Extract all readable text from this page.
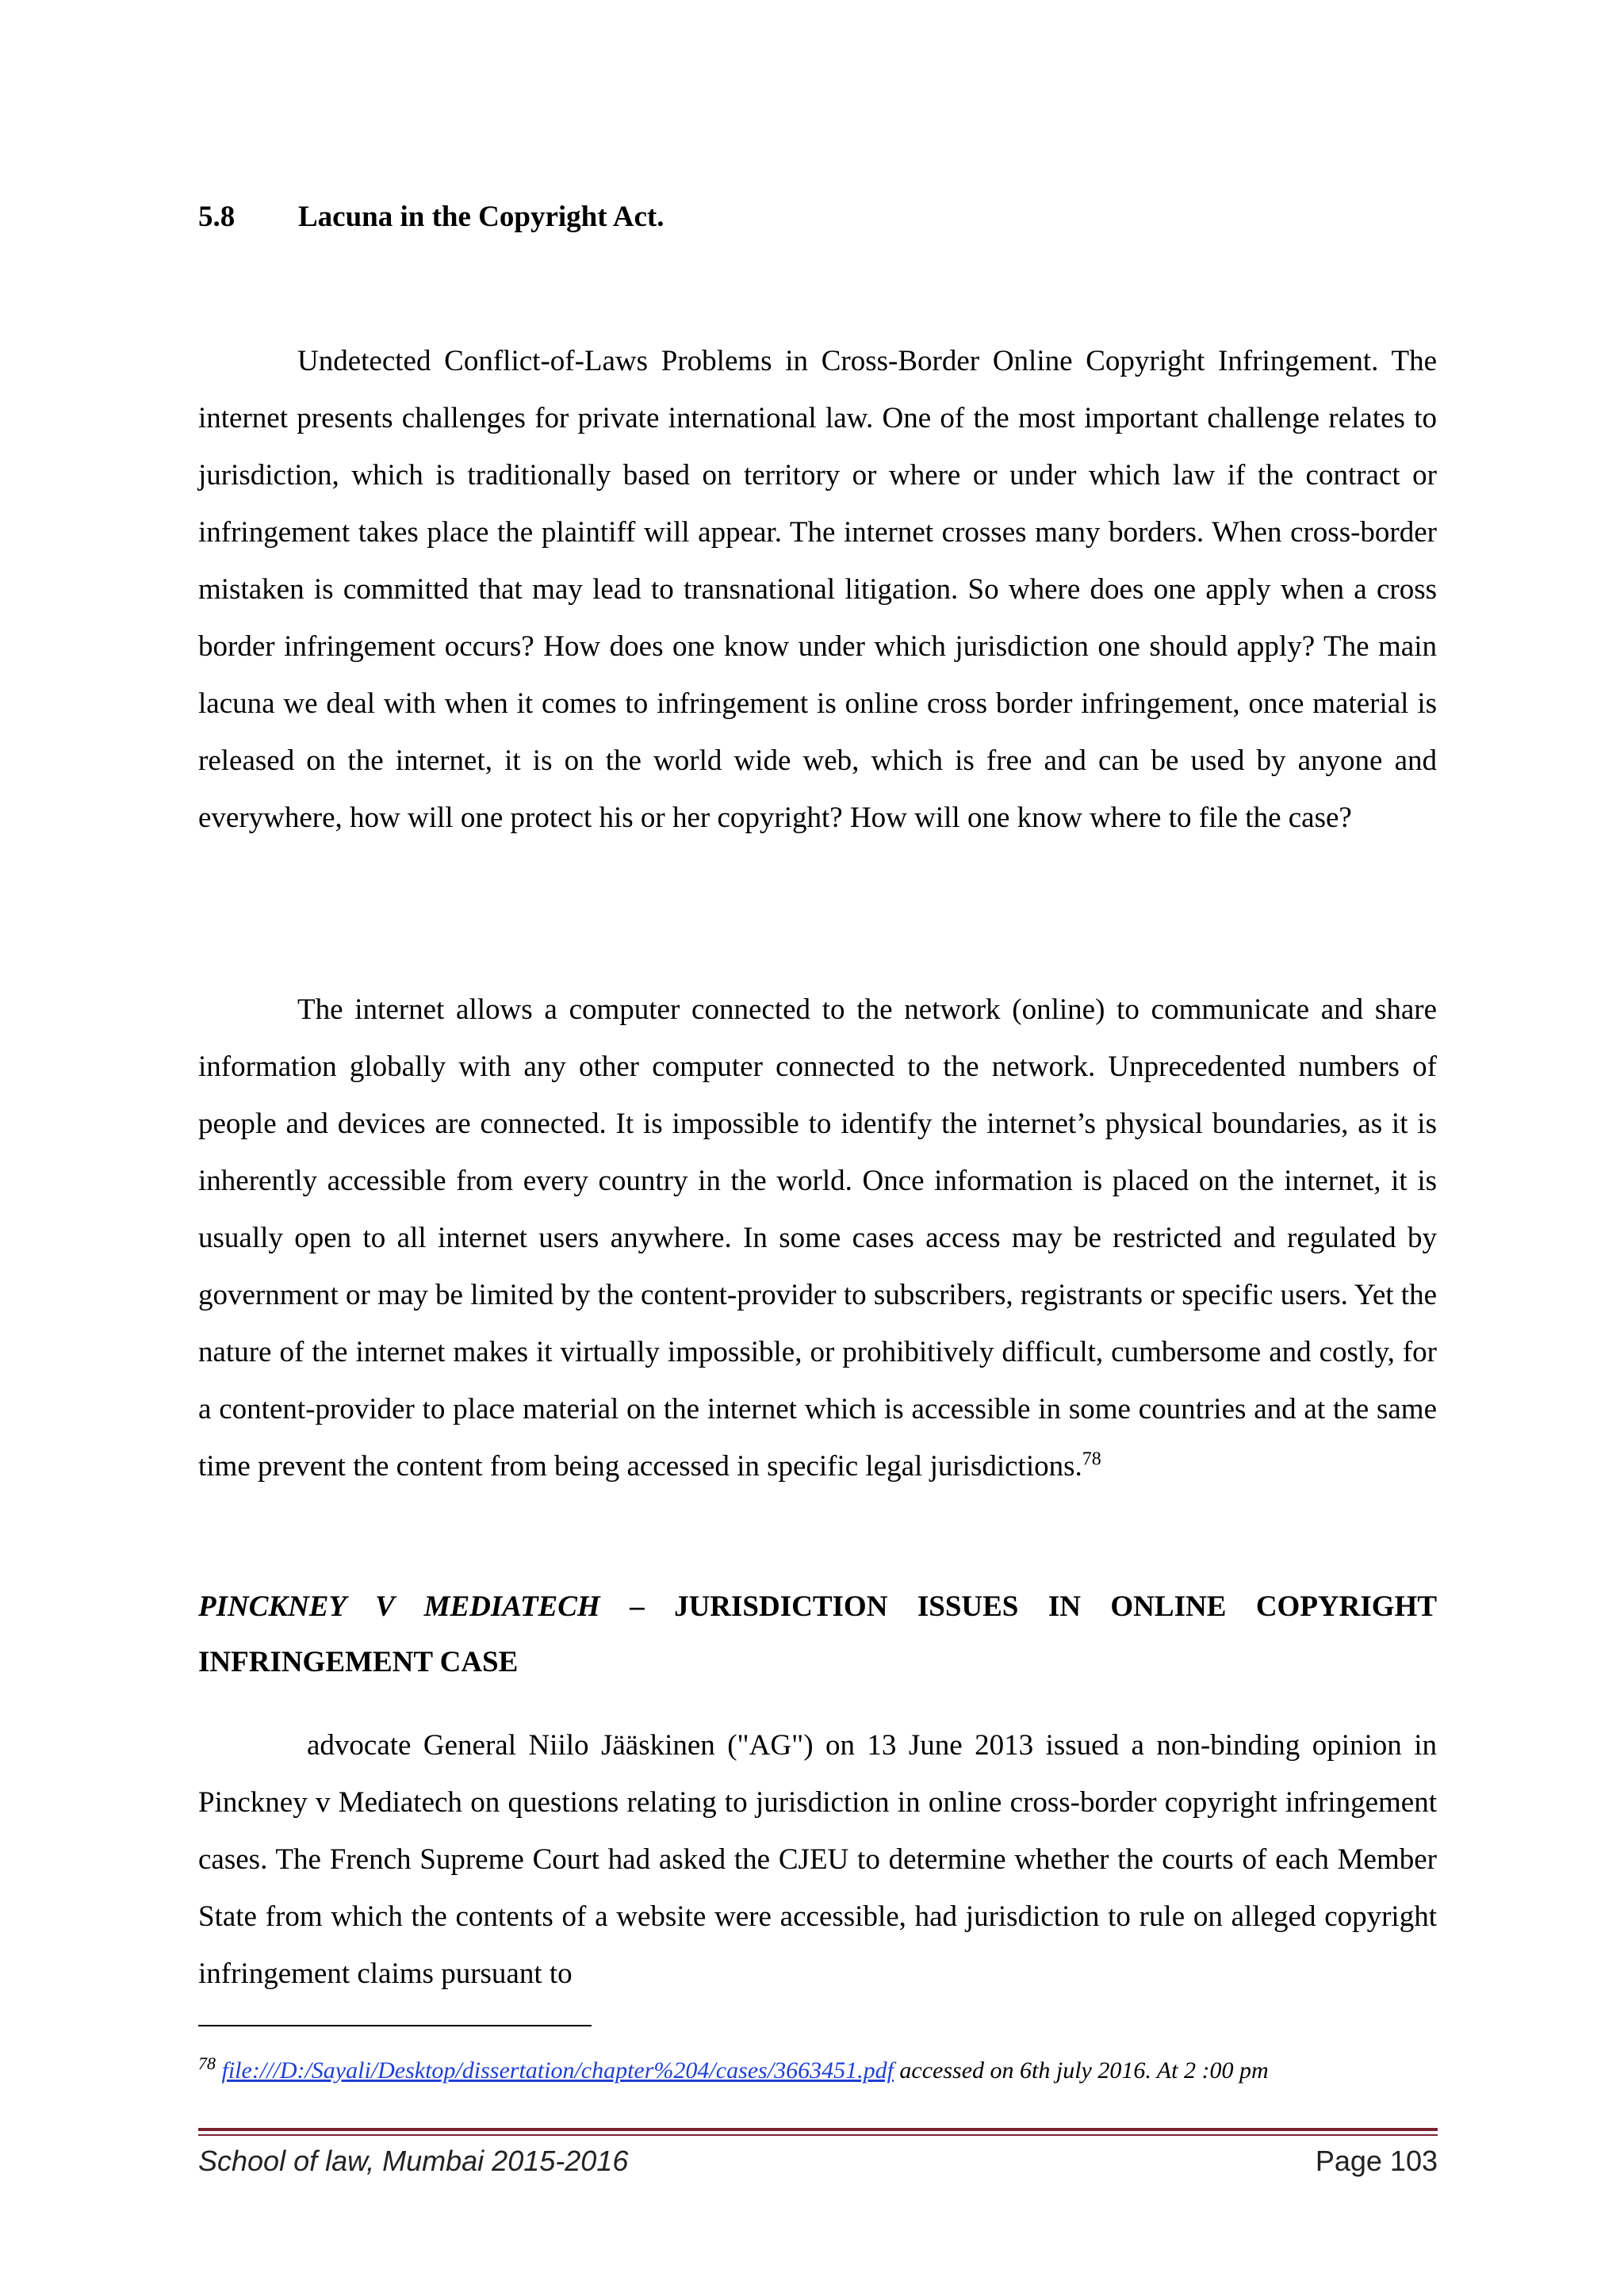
5.8 Lacuna in the Copyright Act.

Undetected Conflict-of-Laws Problems in Cross-Border Online Copyright Infringement. The internet presents challenges for private international law. One of the most important challenge relates to jurisdiction, which is traditionally based on territory or where or under which law if the contract or infringement takes place the plaintiff will appear. The internet crosses many borders. When cross-border mistaken is committed that may lead to transnational litigation. So where does one apply when a cross border infringement occurs? How does one know under which jurisdiction one should apply? The main lacuna we deal with when it comes to infringement is online cross border infringement, once material is released on the internet, it is on the world wide web, which is free and can be used by anyone and everywhere, how will one protect his or her copyright? How will one know where to file the case?

The internet allows a computer connected to the network (online) to communicate and share information globally with any other computer connected to the network. Unprecedented numbers of people and devices are connected. It is impossible to identify the internet’s physical boundaries, as it is inherently accessible from every country in the world. Once information is placed on the internet, it is usually open to all internet users anywhere. In some cases access may be restricted and regulated by government or may be limited by the content-provider to subscribers, registrants or specific users. Yet the nature of the internet makes it virtually impossible, or prohibitively difficult, cumbersome and costly, for a content-provider to place material on the internet which is accessible in some countries and at the same time prevent the content from being accessed in specific legal jurisdictions.$^{78}$

PINCKNEY V MEDIATECH – JURISDICTION ISSUES IN ONLINE COPYRIGHT INFRINGEMENT CASE

advocate General Niilo Jääskinen ("AG") on 13 June 2013 issued a non-binding opinion in Pinckney v Mediatech on questions relating to jurisdiction in online cross-border copyright infringement cases. The French Supreme Court had asked the CJEU to determine whether the courts of each Member State from which the contents of a website were accessible, had jurisdiction to rule on alleged copyright infringement claims pursuant to

$^{78}$ file:///D:/Sayali/Desktop/dissertation/chapter%204/cases/3663451.pdf accessed on 6th july 2016. At 2 :00 pm

School of law, Mumbai 2015-2016	Page 103
